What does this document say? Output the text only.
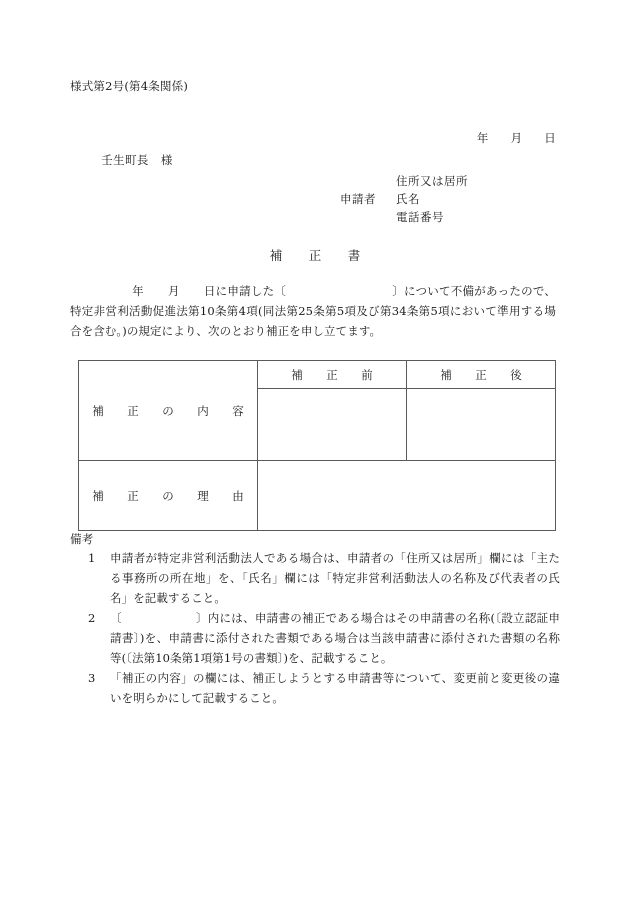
様式第2号(第4条関係)

年 月 日

壬生町長 様

住所又は居所
申請者	氏名
電話番号
補　正　書
年 月 日に申請した〔	〕について不備があったので、特定非営利活動促進法第10条第4項(同法第25条第5項及び第34条第5項において準用する場合を含む。)の規定により、次のとおり補正を申し立てます。
補　正　の　内　容	補　正　前	補　正　後

補　正　の　理　由		
備考
1	申請者が特定非営利活動法人である場合は、申請者の「住所又は居所」欄には「主たる事務所の所在地」を、「氏名」欄には「特定非営利活動法人の名称及び代表者の氏名」を記載すること。
2	〔	〕内には、申請書の補正である場合はその申請書の名称(〔設立認証申請書〕)を、申請書に添付された書類である場合は当該申請書に添付された書類の名称等(〔法第10条第1項第1号の書類〕)を、記載すること。
3	「補正の内容」の欄には、補正しようとする申請書等について、変更前と変更後の違いを明らかにして記載すること。
